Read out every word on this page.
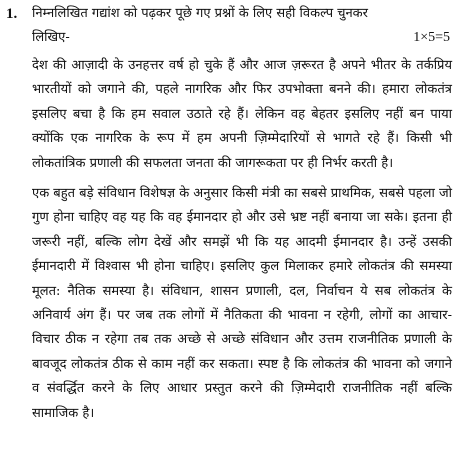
1. निम्नलिखित गद्यांश को पढ़कर पूछे गए प्रश्नों के लिए सही विकल्प चुनकर
लिखिए-	1×5=5
देश की आज़ादी के उनहत्तर वर्ष हो चुके हैं और आज ज़रूरत है अपने भीतर के तर्कप्रिय भारतीयों को जगाने की, पहले नागरिक और फिर उपभोक्ता बनने की। हमारा लोकतंत्र इसलिए बचा है कि हम सवाल उठाते रहे हैं। लेकिन वह बेहतर इसलिए नहीं बन पाया क्योंकि एक नागरिक के रूप में हम अपनी ज़िम्मेदारियों से भागते रहे हैं। किसी भी लोकतांत्रिक प्रणाली की सफलता जनता की जागरूकता पर ही निर्भर करती है।
एक बहुत बड़े संविधान विशेषज्ञ के अनुसार किसी मंत्री का सबसे प्राथमिक, सबसे पहला जो गुण होना चाहिए वह यह कि वह ईमानदार हो और उसे भ्रष्ट नहीं बनाया जा सके। इतना ही जरूरी नहीं, बल्कि लोग देखें और समझें भी कि यह आदमी ईमानदार है। उन्हें उसकी ईमानदारी में विश्वास भी होना चाहिए। इसलिए कुल मिलाकर हमारे लोकतंत्र की समस्या मूलत: नैतिक समस्या है। संविधान, शासन प्रणाली, दल, निर्वाचन ये सब लोकतंत्र के अनिवार्य अंग हैं। पर जब तक लोगों में नैतिकता की भावना न रहेगी, लोगों का आचार-विचार ठीक न रहेगा तब तक अच्छे से अच्छे संविधान और उत्तम राजनीतिक प्रणाली के बावजूद लोकतंत्र ठीक से काम नहीं कर सकता। स्पष्ट है कि लोकतंत्र की भावना को जगाने व संवर्द्धित करने के लिए आधार प्रस्तुत करने की ज़िम्मेदारी राजनीतिक नहीं बल्कि सामाजिक है।
